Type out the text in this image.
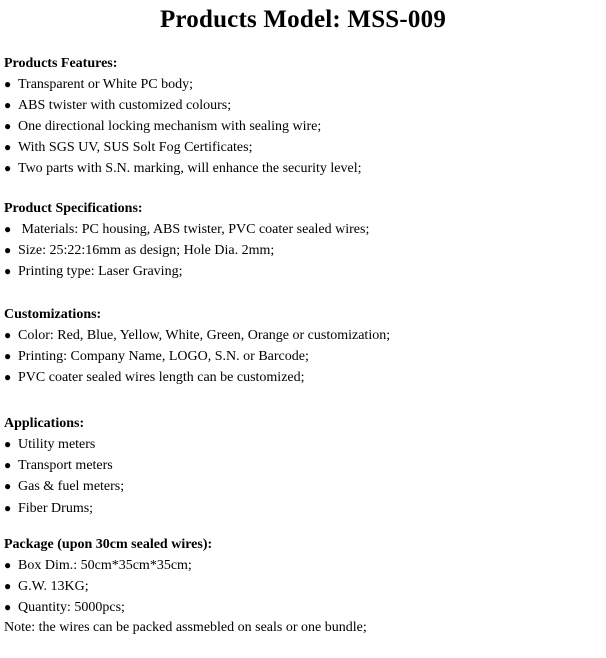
Products Model: MSS-009
Products Features:
● Transparent or White PC body;
● ABS twister with customized colours;
● One directional locking mechanism with sealing wire;
● With SGS UV, SUS Solt Fog Certificates;
● Two parts with S.N. marking, will enhance the security level;
Product Specifications:
● Materials: PC housing, ABS twister, PVC coater sealed wires;
● Size: 25:22:16mm as design; Hole Dia. 2mm;
● Printing type: Laser Graving;
Customizations:
● Color: Red, Blue, Yellow, White, Green, Orange or customization;
● Printing: Company Name, LOGO, S.N. or Barcode;
● PVC coater sealed wires length can be customized;
Applications:
● Utility meters
● Transport meters
● Gas & fuel meters;
● Fiber Drums;
Package (upon 30cm sealed wires):
● Box Dim.: 50cm*35cm*35cm;
● G.W. 13KG;
● Quantity: 5000pcs;
Note: the wires can be packed assmebled on seals or one bundle;
